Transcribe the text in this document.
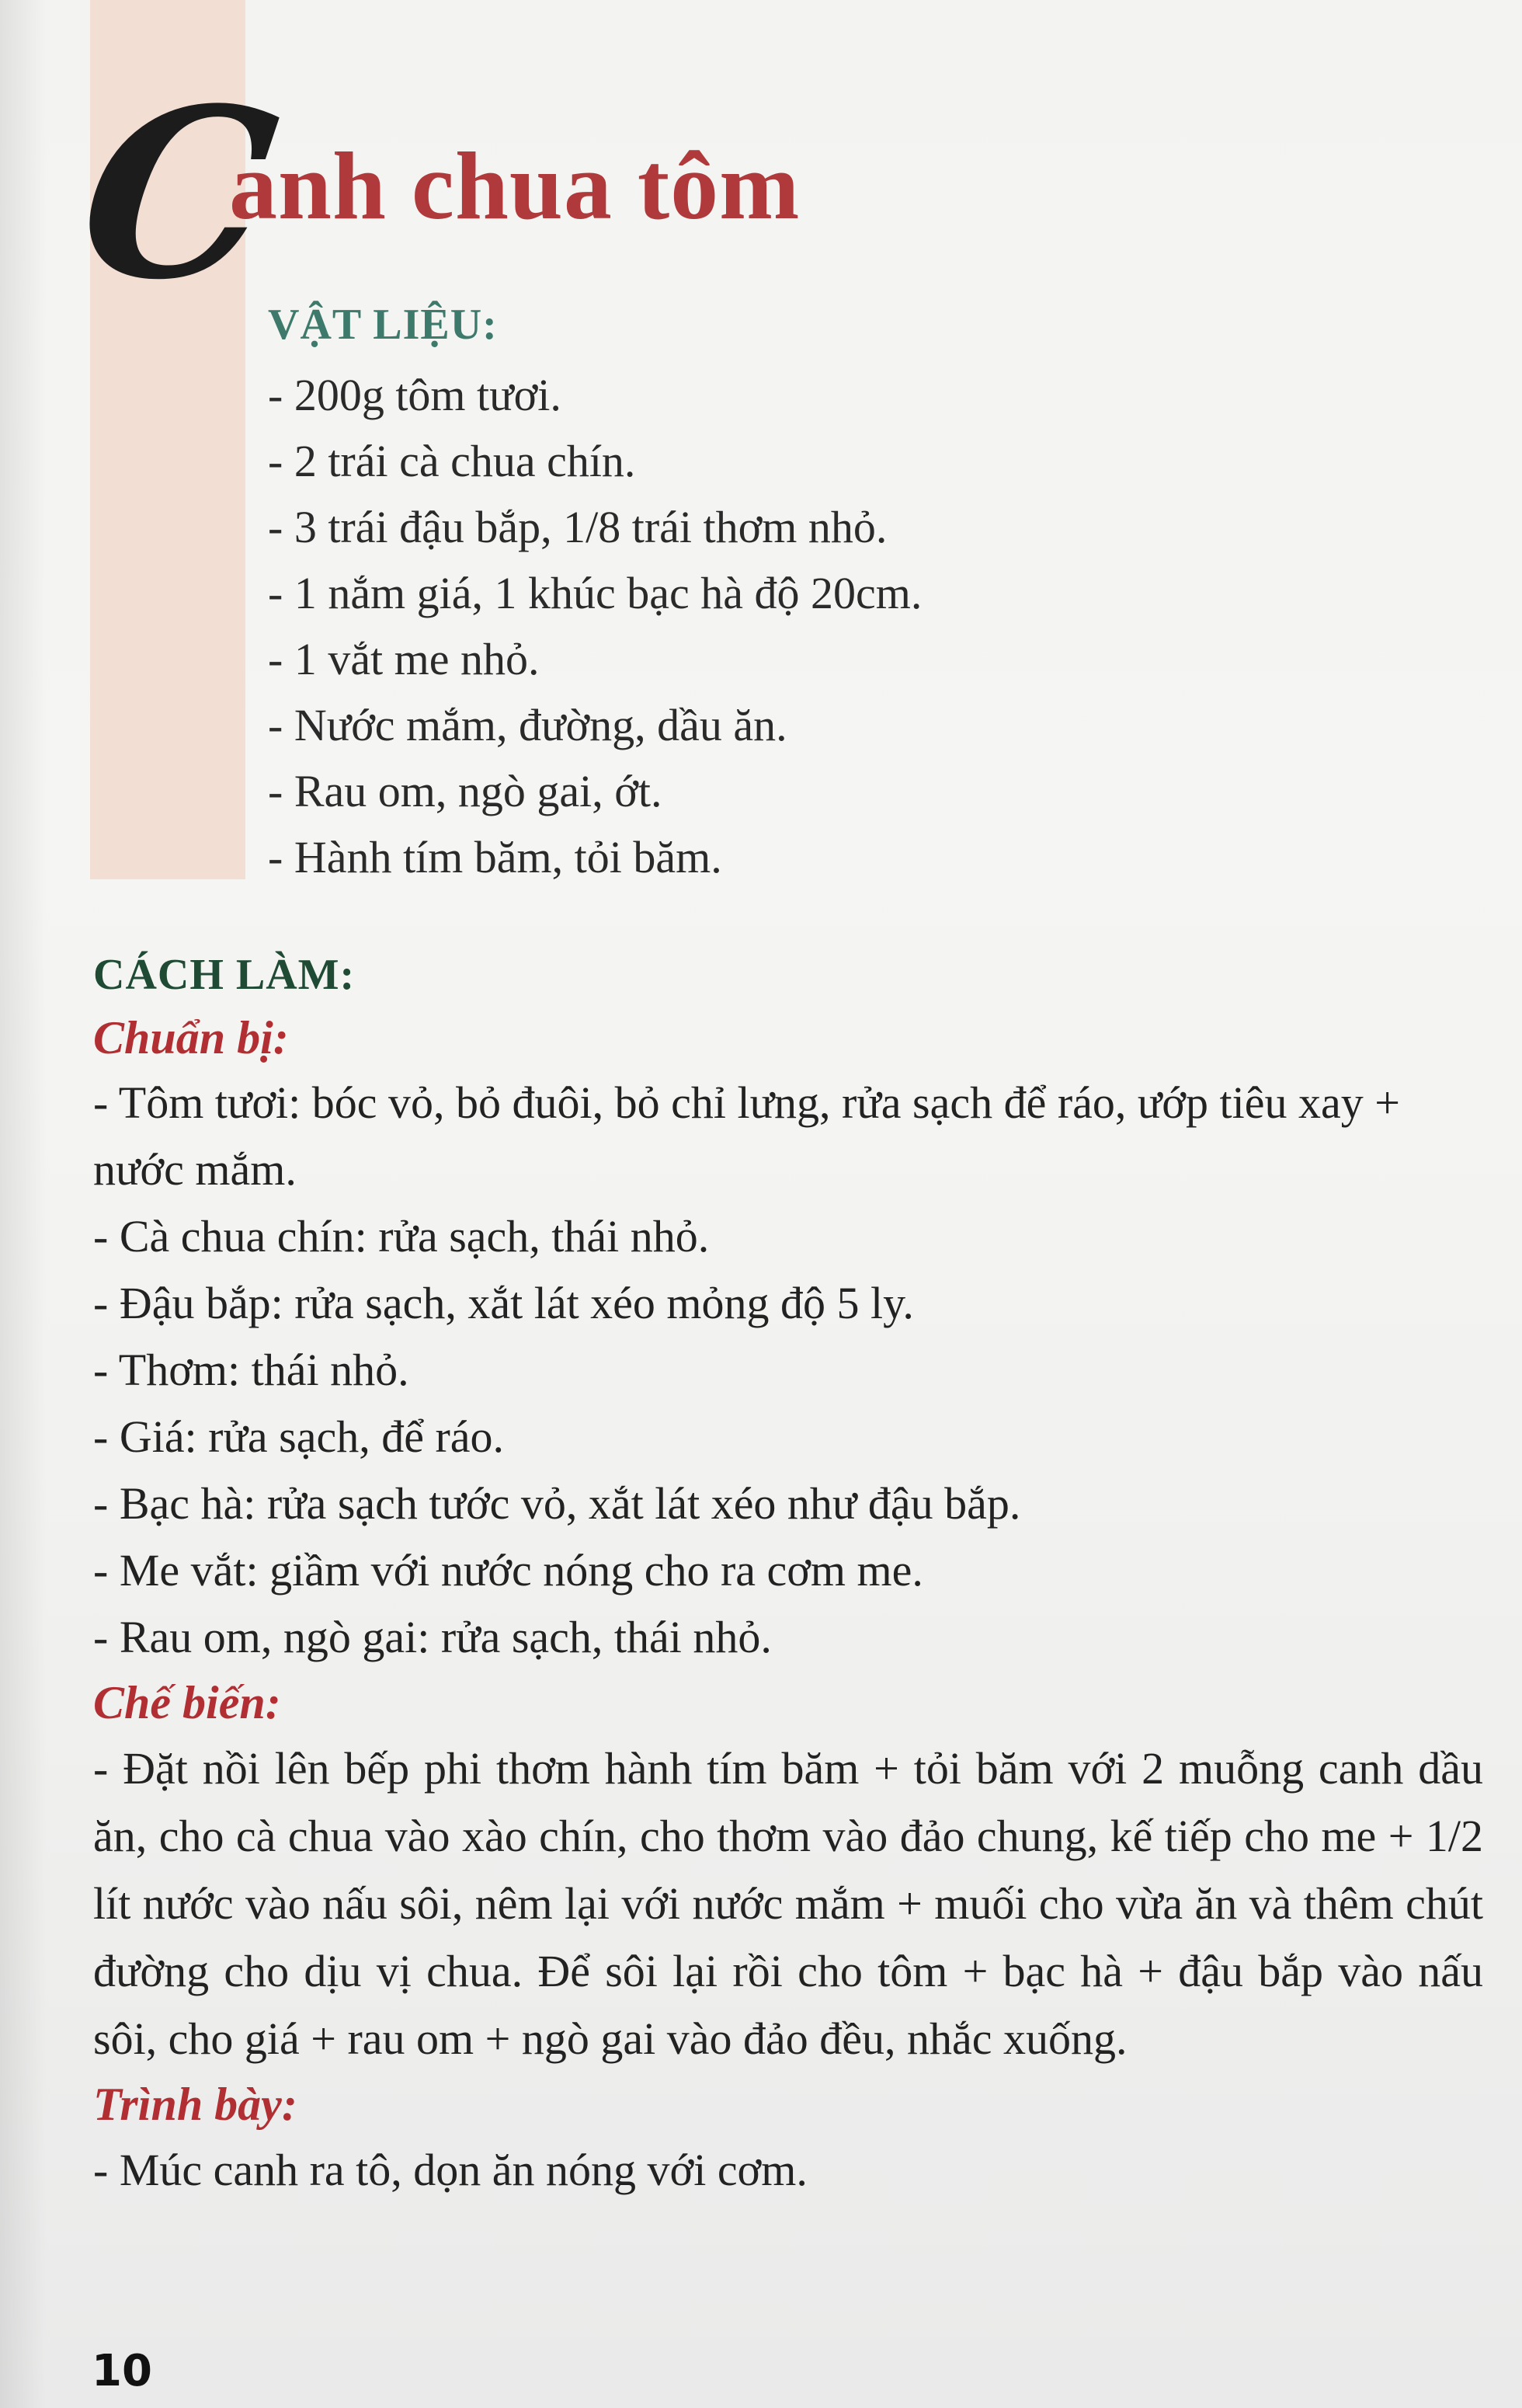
C
anh chua tôm
VẬT LIỆU:
- 200g tôm tươi.
- 2 trái cà chua chín.
- 3 trái đậu bắp, 1/8 trái thơm nhỏ.
- 1 nắm giá, 1 khúc bạc hà độ 20cm.
- 1 vắt me nhỏ.
- Nước mắm, đường, dầu ăn.
- Rau om, ngò gai, ớt.
- Hành tím băm, tỏi băm.
CÁCH LÀM:
Chuẩn bị:
- Tôm tươi: bóc vỏ, bỏ đuôi, bỏ chỉ lưng, rửa sạch để ráo, ướp tiêu xay + nước mắm.
- Cà chua chín: rửa sạch, thái nhỏ.
- Đậu bắp: rửa sạch, xắt lát xéo mỏng độ 5 ly.
- Thơm: thái nhỏ.
- Giá: rửa sạch, để ráo.
- Bạc hà: rửa sạch tước vỏ, xắt lát xéo như đậu bắp.
- Me vắt: giầm với nước nóng cho ra cơm me.
- Rau om, ngò gai: rửa sạch, thái nhỏ.
Chế biến:

- Đặt nồi lên bếp phi thơm hành tím băm + tỏi băm với 2 muỗng canh dầu ăn, cho cà chua vào xào chín, cho thơm vào đảo chung, kế tiếp cho me + 1/2 lít nước vào nấu sôi, nêm lại với nước mắm + muối cho vừa ăn và thêm chút đường cho dịu vị chua. Để sôi lại rồi cho tôm + bạc hà + đậu bắp vào nấu sôi, cho giá + rau om + ngò gai vào đảo đều, nhắc xuống.

Trình bày:

- Múc canh ra tô, dọn ăn nóng với cơm.

10
